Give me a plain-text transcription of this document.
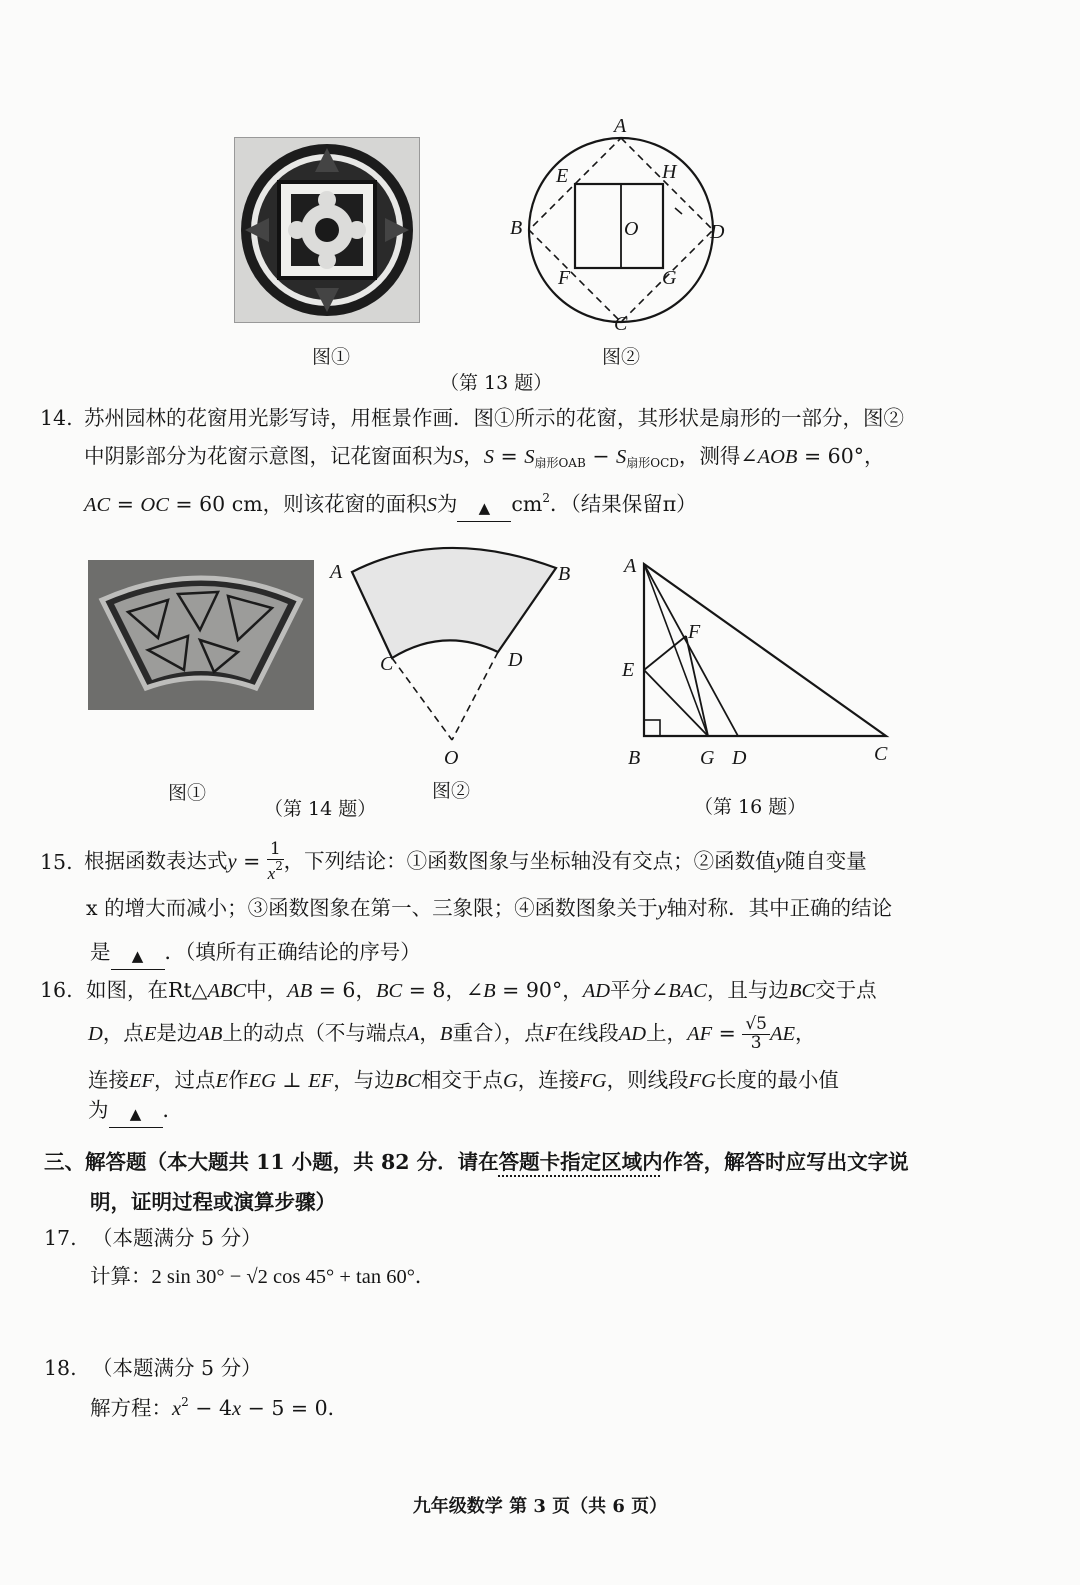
图①
A
E	H
B	O	D
F	G
C
图②
（第 13 题）
14. 苏州园林的花窗用光影写诗，用框景作画．图①所示的花窗，其形状是扇形的一部分，图②
中阴影部分为花窗示意图，记花窗面积为S，$S = S_{扇形OAB} - S_{扇形OCD}$，测得∠AOB = 60°，
AC = OC = 60 cm，则该花窗的面积S为 ▲ $cm^2$．（结果保留π）
图①
A	B
C	D
O
图②
（第 14 题）
A
F
E
B	G D	C
（第 16 题）
15. 根据函数表达式$y = \frac{1}{x^2}$ ，下列结论：①函数图象与坐标轴没有交点；②函数值y随自变量
x 的增大而减小；③函数图象在第一、三象限；④函数图象关于y轴对称．其中正确的结论
是 ▲ ．（填所有正确结论的序号）
16. 如图，在Rt△ABC中，AB = 6，BC = 8，∠B = 90°，AD平分∠BAC，且与边BC交于点
D，点E是边AB上的动点（不与端点A，B重合），点F在线段AD上，AF = $\frac{√5}{3}$ AE，
连接EF，过点E作EG ⊥ EF，与边BC相交于点G，连接FG，则线段FG长度的最小值
为 ▲ ．
三、解答题（本大题共 11 小题，共 82 分．请在答题卡指定区域内作答，解答时应写出文字说
明，证明过程或演算步骤）
17. （本题满分 5 分）
计算：2 sin 30° − √2 cos 45° + tan 60°．
18. （本题满分 5 分）
解方程：$x^2 - 4x - 5 = 0$．
九年级数学 第 3 页（共 6 页）
